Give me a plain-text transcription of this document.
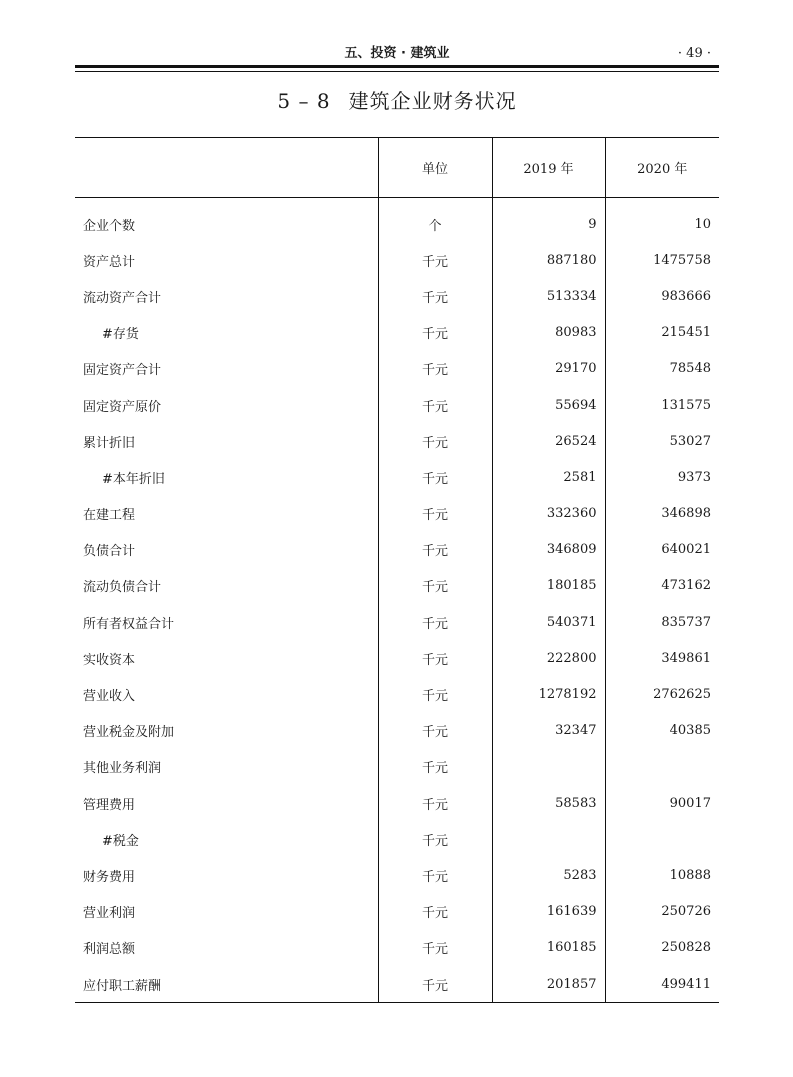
五、投资 · 建筑业	· 49 ·
5 – 8 建筑企业财务状况
	单位	2019 年	2020 年
企业个数	个	9	10
资产总计	千元	887180	1475758
流动资产合计	千元	513334	983666
#存货	千元	80983	215451
固定资产合计	千元	29170	78548
固定资产原价	千元	55694	131575
累计折旧	千元	26524	53027
#本年折旧	千元	2581	9373
在建工程	千元	332360	346898
负债合计	千元	346809	640021
流动负债合计	千元	180185	473162
所有者权益合计	千元	540371	835737
实收资本	千元	222800	349861
营业收入	千元	1278192	2762625
营业税金及附加	千元	32347	40385
其他业务利润	千元		
管理费用	千元	58583	90017
#税金	千元		
财务费用	千元	5283	10888
营业利润	千元	161639	250726
利润总额	千元	160185	250828
应付职工薪酬	千元	201857	499411
